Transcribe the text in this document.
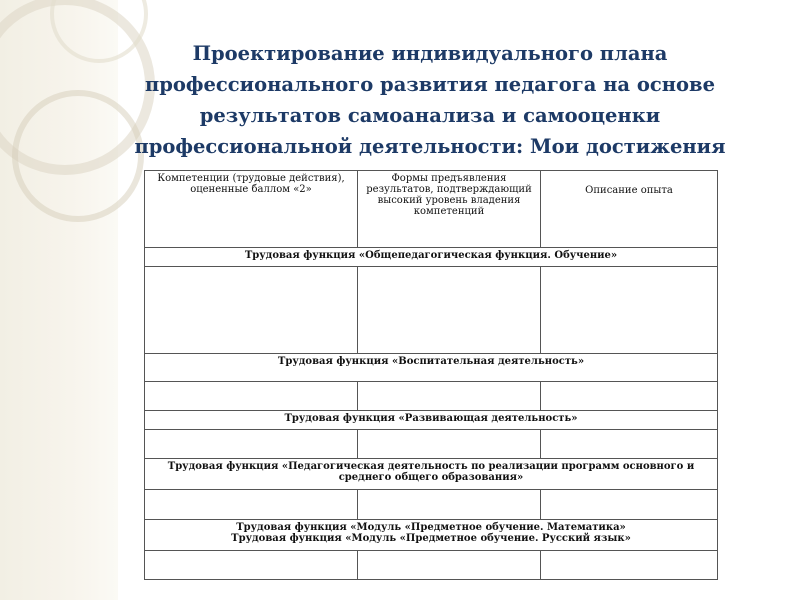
Проектирование индивидуального плана
профессионального развития педагога на основе
результатов самоанализа и самооценки
профессиональной деятельности: Мои достижения
Компетенции (трудовые действия), оцененные баллом «2»	Формы предъявления результатов, подтверждающий высокий уровень владения компетенций	Описание опыта

Трудовая функция «Общепедагогическая функция. Обучение»		

Трудовая функция «Воспитательная деятельность»		

Трудовая функция «Развивающая деятельность»		

Трудовая функция «Педагогическая деятельность по реализации программ основного и среднего общего образования»		

Трудовая функция «Модуль «Предметное обучение. Математика»
Трудовая функция «Модуль «Предметное обучение. Русский язык»		
